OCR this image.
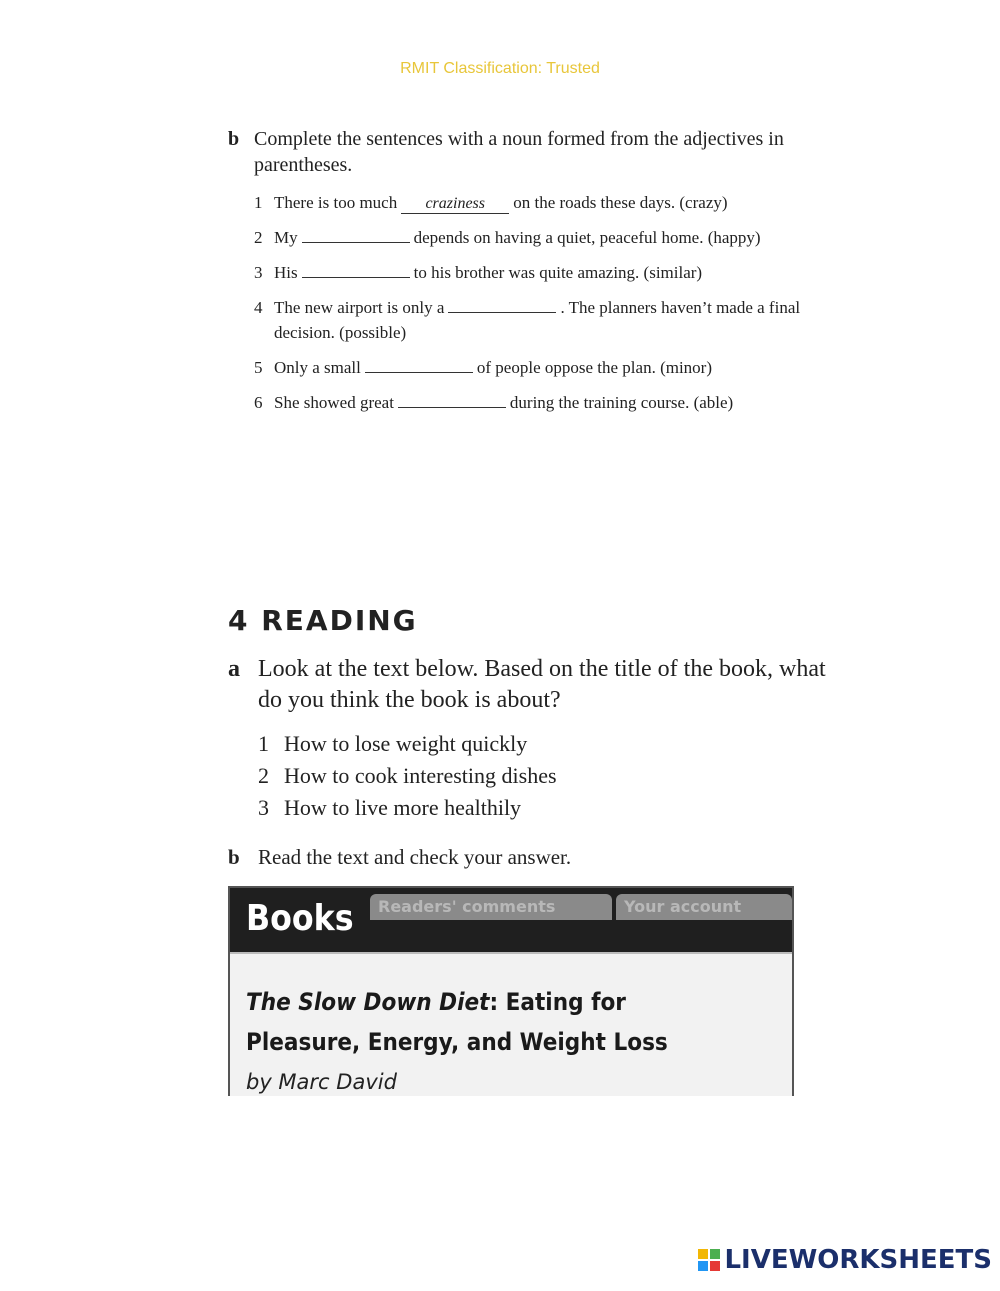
RMIT Classification: Trusted
b Complete the sentences with a noun formed from the adjectives in parentheses.
1 There is too much craziness on the roads these days. (crazy)
2 My	depends on having a quiet, peaceful home. (happy)
3 His	to his brother was quite amazing. (similar)
4 The new airport is only a	. The planners haven’t made a final decision. (possible)
5 Only a small	of people oppose the plan. (minor)
6 She showed great	during the training course. (able)
4 READING
a Look at the text below. Based on the title of the book, what do you think the book is about?
1 How to lose weight quickly
2 How to cook interesting dishes
3 How to live more healthily
b Read the text and check your answer.
Books	Readers' comments	Your account
The Slow Down Diet: Eating for Pleasure, Energy, and Weight Loss
by Marc David
LIVEWORKSHEETS
